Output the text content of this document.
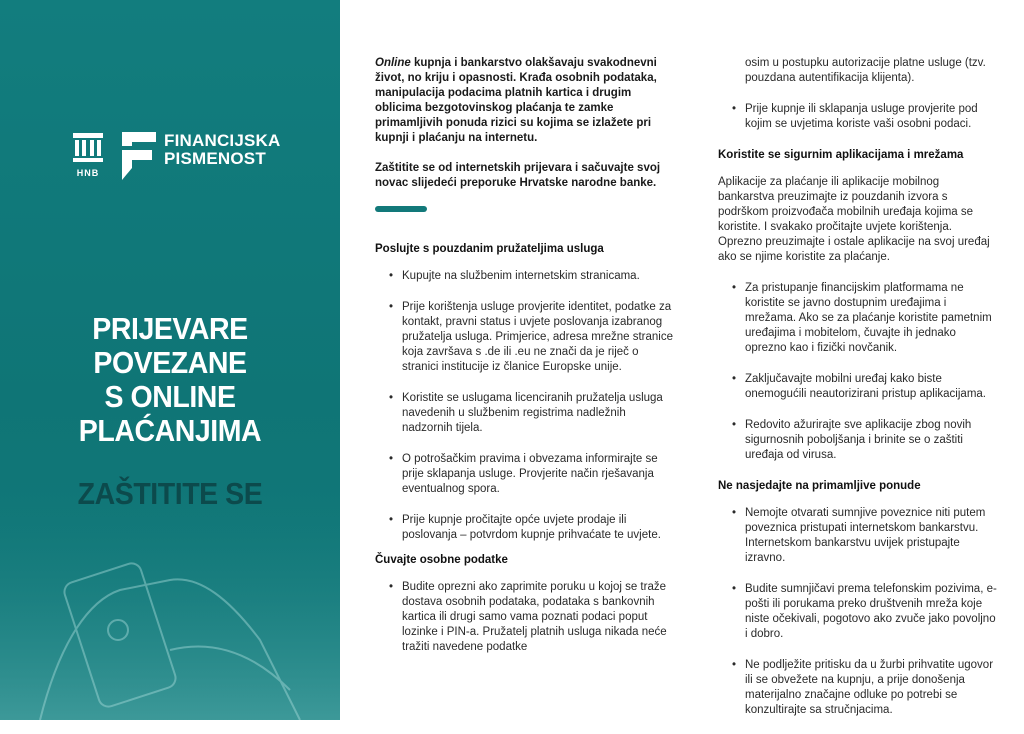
HNB
FINANCIJSKA
PISMENOST
PRIJEVARE POVEZANE
S ONLINE PLAĆANJIMA
ZAŠTITITE SE

Online kupnja i bankarstvo olakšavaju svakodnevni život, no kriju i opasnosti. Krađa osobnih podataka, manipulacija podacima platnih kartica i drugim oblicima bezgotovinskog plaćanja te zamke primamljivih ponuda rizici su kojima se izlažete pri kupnji i plaćanju na internetu.

Zaštitite se od internetskih prijevara i sačuvajte svoj novac slijedeći preporuke Hrvatske narodne banke.

Poslujte s pouzdanim pružateljima usluga

• Kupujte na službenim internetskim stranicama.
• Prije korištenja usluge provjerite identitet, podatke za kontakt, pravni status i uvjete poslovanja izabranog pružatelja usluga. Primjerice, adresa mrežne stranice koja završava s .de ili .eu ne znači da je riječ o stranici institucije iz članice Europske unije.
• Koristite se uslugama licenciranih pružatelja usluga navedenih u službenim registrima nadležnih nadzornih tijela.
• O potrošačkim pravima i obvezama informirajte se prije sklapanja usluge. Provjerite način rješavanja eventualnog spora.
• Prije kupnje pročitajte opće uvjete prodaje ili poslovanja – potvrdom kupnje prihvaćate te uvjete.

Čuvajte osobne podatke

• Budite oprezni ako zaprimite poruku u kojoj se traže dostava osobnih podataka, podataka s bankovnih kartica ili drugi samo vama poznati podaci poput lozinke i PIN-a. Pružatelj platnih usluga nikada neće tražiti navedene podatke
osim u postupku autorizacije platne usluge (tzv. pouzdana autentifikacija klijenta).
• Prije kupnje ili sklapanja usluge provjerite pod kojim se uvjetima koriste vaši osobni podaci.

Koristite se sigurnim aplikacijama i mrežama

Aplikacije za plaćanje ili aplikacije mobilnog bankarstva preuzimajte iz pouzdanih izvora s podrškom proizvođača mobilnih uređaja kojima se koristite. I svakako pročitajte uvjete korištenja. Oprezno preuzimajte i ostale aplikacije na svoj uređaj ako se njime koristite za plaćanje.

• Za pristupanje financijskim platformama ne koristite se javno dostupnim uređajima i mrežama. Ako se za plaćanje koristite pametnim uređajima i mobitelom, čuvajte ih jednako oprezno kao i fizički novčanik.
• Zaključavajte mobilni uređaj kako biste onemogućili neautorizirani pristup aplikacijama.
• Redovito ažurirajte sve aplikacije zbog novih sigurnosnih poboljšanja i brinite se o zaštiti uređaja od virusa.

Ne nasjedajte na primamljive ponude

• Nemojte otvarati sumnjive poveznice niti putem poveznica pristupati internetskom bankarstvu. Internetskom bankarstvu uvijek pristupajte izravno.
• Budite sumnjičavi prema telefonskim pozivima, e-pošti ili porukama preko društvenih mreža koje niste očekivali, pogotovo ako zvuče jako povoljno i dobro.
• Ne podlježite pritisku da u žurbi prihvatite ugovor ili se obvežete na kupnju, a prije donošenja materijalno značajne odluke po potrebi se konzultirajte sa stručnjacima.
